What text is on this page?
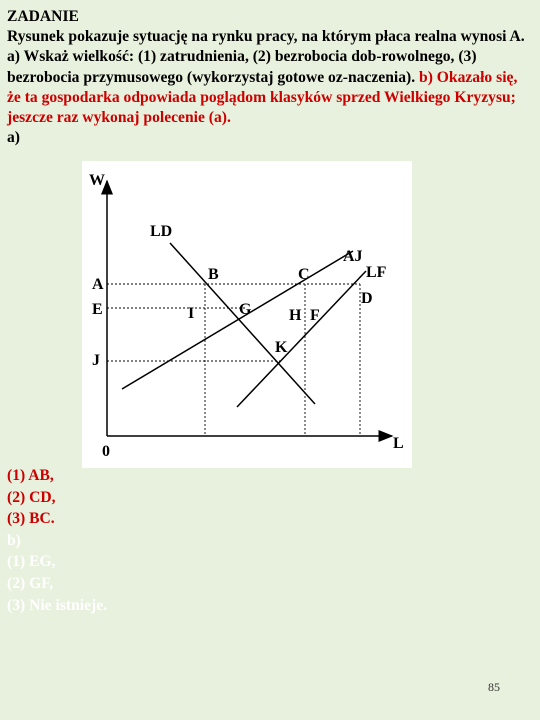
ZADANIE
Rysunek pokazuje sytuację na rynku pracy, na którym płaca realna wynosi A. a) Wskaż wielkość: (1) zatrudnienia, (2) bezrobocia dob-rowolnego, (3) bezrobocia przymusowego (wykorzystaj gotowe oz-naczenia). b) Okazało się, że ta gospodarka odpowiada poglądom klasyków sprzed Wielkiego Kryzysu; jeszcze raz wykonaj polecenie (a).
a)
W
L
0
LD
AJ
LF
B	C
D
G
I	H F
K
A
E
J
(1) AB,
(2) CD,
(3) BC.
b)
(1) EG,
(2) GF,
(3) Nie istnieje.
85
